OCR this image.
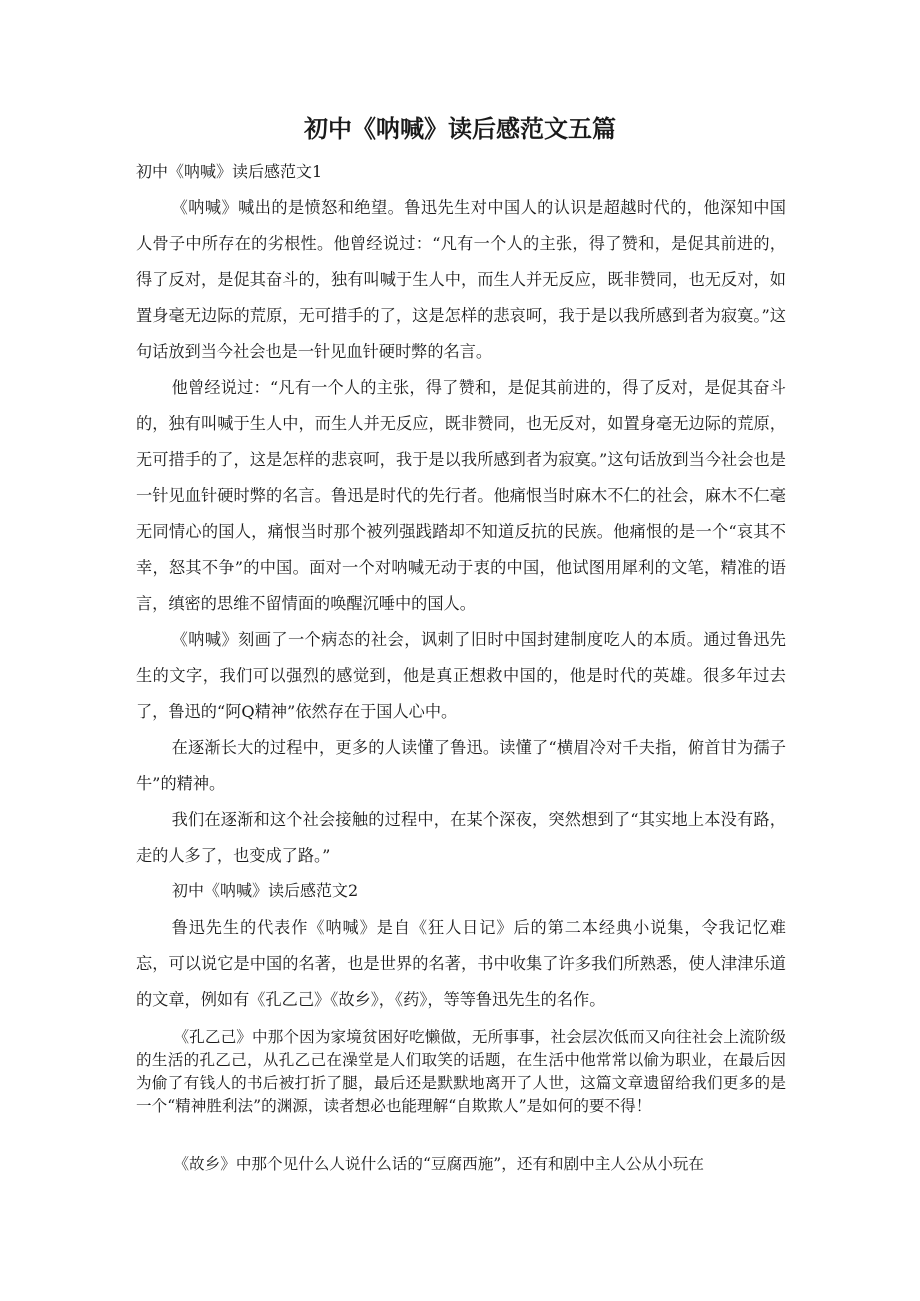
初中《呐喊》读后感范文五篇

初中《呐喊》读后感范文1

《呐喊》喊出的是愤怒和绝望。鲁迅先生对中国人的认识是超越时代的，他深知中国人骨子中所存在的劣根性。他曾经说过：“凡有一个人的主张，得了赞和，是促其前进的，得了反对，是促其奋斗的，独有叫喊于生人中，而生人并无反应，既非赞同，也无反对，如置身毫无边际的荒原，无可措手的了，这是怎样的悲哀呵，我于是以我所感到者为寂寞。”这句话放到当今社会也是一针见血针硬时弊的名言。

他曾经说过：“凡有一个人的主张，得了赞和，是促其前进的，得了反对，是促其奋斗的，独有叫喊于生人中，而生人并无反应，既非赞同，也无反对，如置身毫无边际的荒原，无可措手的了，这是怎样的悲哀呵，我于是以我所感到者为寂寞。”这句话放到当今社会也是一针见血针硬时弊的名言。鲁迅是时代的先行者。他痛恨当时麻木不仁的社会，麻木不仁毫无同情心的国人，痛恨当时那个被列强践踏却不知道反抗的民族。他痛恨的是一个“哀其不幸，怒其不争”的中国。面对一个对呐喊无动于衷的中国，他试图用犀利的文笔，精准的语言，缜密的思维不留情面的唤醒沉唾中的国人。

《呐喊》刻画了一个病态的社会，讽刺了旧时中国封建制度吃人的本质。通过鲁迅先生的文字，我们可以强烈的感觉到，他是真正想救中国的，他是时代的英雄。很多年过去了，鲁迅的“阿Q精神”依然存在于国人心中。

在逐渐长大的过程中，更多的人读懂了鲁迅。读懂了“横眉冷对千夫指，俯首甘为孺子牛”的精神。

我们在逐渐和这个社会接触的过程中，在某个深夜，突然想到了“其实地上本没有路，走的人多了，也变成了路。”

初中《呐喊》读后感范文2

鲁迅先生的代表作《呐喊》是自《狂人日记》后的第二本经典小说集，令我记忆难忘，可以说它是中国的名著，也是世界的名著，书中收集了许多我们所熟悉，使人津津乐道的文章，例如有《孔乙己》《故乡》，《药》，等等鲁迅先生的名作。

《孔乙己》中那个因为家境贫困好吃懒做，无所事事，社会层次低而又向往社会上流阶级的生活的孔乙己，从孔乙己在澡堂是人们取笑的话题，在生活中他常常以偷为职业，在最后因为偷了有钱人的书后被打折了腿，最后还是默默地离开了人世，这篇文章遗留给我们更多的是一个“精神胜利法”的渊源，读者想必也能理解“自欺欺人”是如何的要不得！

《故乡》中那个见什么人说什么话的“豆腐西施”，还有和剧中主人公从小玩在
